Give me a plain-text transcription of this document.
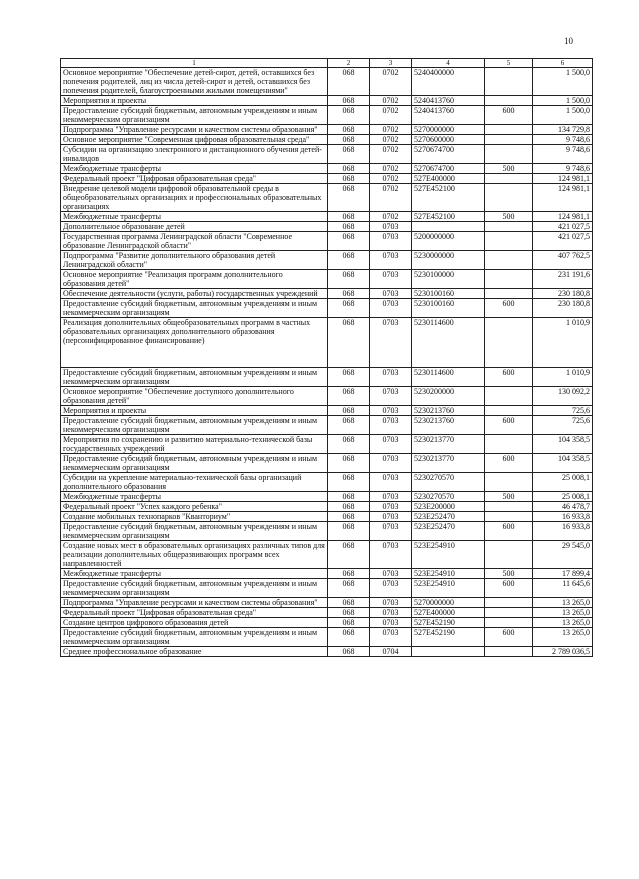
10
1	2	3	4	5	6
Основное мероприятие "Обеспечение детей-сирот, детей, оставшихся без попечения родителей, лиц из числа детей-сирот и детей, оставшихся без попечения родителей, благоустроенными жилыми помещениями"	068	0702	5240400000		1 500,0
Мероприятия и проекты	068	0702	5240413760		1 500,0
Предоставление субсидий бюджетным, автономным учреждениям и иным некоммерческим организациям	068	0702	5240413760	600	1 500,0
Подпрограмма "Управление ресурсами и качеством системы образования"	068	0702	5270000000		134 729,8
Основное мероприятие "Современная цифровая образовательная среда"	068	0702	5270600000		9 748,6
Субсидии на организацию электронного и дистанционного обучения детей-инвалидов	068	0702	5270674700		9 748,6
Межбюджетные трансферты	068	0702	5270674700	500	9 748,6
Федеральный проект "Цифровая образовательная среда"	068	0702	527E400000		124 981,1
Внедрение целевой модели цифровой образовательной среды в общеобразовательных организациях и профессиональных образовательных организациях	068	0702	527E452100		124 981,1
Межбюджетные трансферты	068	0702	527E452100	500	124 981,1
Дополнительное образование детей	068	0703			421 027,5
Государственная программа Ленинградской области "Современное образование Ленинградской области"	068	0703	5200000000		421 027,5
Подпрограмма "Развитие дополнительного образования детей Ленинградской области"	068	0703	5230000000		407 762,5
Основное мероприятие "Реализация программ дополнительного образования детей"	068	0703	5230100000		231 191,6
Обеспечение деятельности (услуги, работы) государственных учреждений	068	0703	5230100160		230 180,8
Предоставление субсидий бюджетным, автономным учреждениям и иным некоммерческим организациям	068	0703	5230100160	600	230 180,8
Реализация дополнительных общеобразовательных программ в частных образовательных организациях дополнительного образования (персонифицированное финансирование)	068	0703	5230114600		1 010,9
Предоставление субсидий бюджетным, автономным учреждениям и иным некоммерческим организациям	068	0703	5230114600	600	1 010,9
Основное мероприятие "Обеспечение доступного дополнительного образования детей"	068	0703	5230200000		130 092,2
Мероприятия и проекты	068	0703	5230213760		725,6
Предоставление субсидий бюджетным, автономным учреждениям и иным некоммерческим организациям	068	0703	5230213760	600	725,6
Мероприятия по сохранению и развитию материально-технической базы государственных учреждений	068	0703	5230213770		104 358,5
Предоставление субсидий бюджетным, автономным учреждениям и иным некоммерческим организациям	068	0703	5230213770	600	104 358,5
Субсидии на укрепление материально-технической базы организаций дополнительного образования	068	0703	5230270570		25 008,1
Межбюджетные трансферты	068	0703	5230270570	500	25 008,1
Федеральный проект "Успех каждого ребенка"	068	0703	523E200000		46 478,7
Создание мобильных технопарков "Кванториум"	068	0703	523E252470		16 933,8
Предоставление субсидий бюджетным, автономным учреждениям и иным некоммерческим организациям	068	0703	523E252470	600	16 933,8
Создание новых мест в образовательных организациях различных типов для реализации дополнительных общеразвивающих программ всех направленностей	068	0703	523E254910		29 545,0
Межбюджетные трансферты	068	0703	523E254910	500	17 899,4
Предоставление субсидий бюджетным, автономным учреждениям и иным некоммерческим организациям	068	0703	523E254910	600	11 645,6
Подпрограмма "Управление ресурсами и качеством системы образования"	068	0703	5270000000		13 265,0
Федеральный проект "Цифровая образовательная среда"	068	0703	527E400000		13 265,0
Создание центров цифрового образования детей	068	0703	527E452190		13 265,0
Предоставление субсидий бюджетным, автономным учреждениям и иным некоммерческим организациям	068	0703	527E452190	600	13 265,0
Среднее профессиональное образование	068	0704			2 789 036,5
